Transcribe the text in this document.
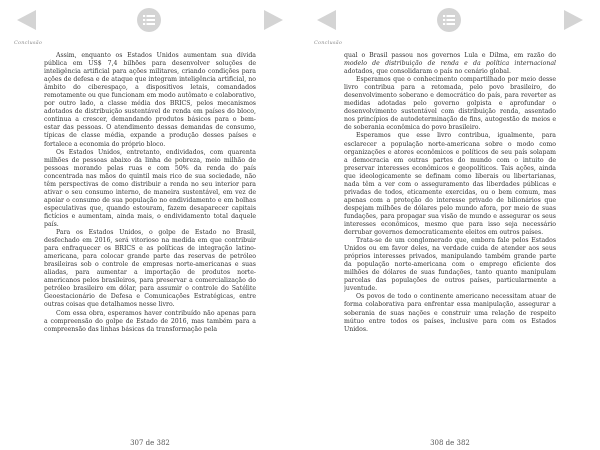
Conclusão

Assim, enquanto os Estados Unidos aumentam sua dívida pública em US$ 7,4 bilhões para desenvolver soluções de inteligência artificial para ações militares, criando condições para ações de defesa e de ataque que integram inteligência artificial, no âmbito do ciberespaço, a dispositivos letais, comandados remotamente ou que funcionam em modo autômato e colaborativo, por outro lado, a classe média dos BRICS, pelos mecanismos adotados de distribuição sustentável de renda em países do bloco, continua a crescer, demandando produtos básicos para o bem-estar das pessoas. O atendimento dessas demandas de consumo, típicas de classe média, expande a produção desses países e fortalece a economia do próprio bloco.

Os Estados Unidos, entretanto, endividados, com quarenta milhões de pessoas abaixo da linha de pobreza, meio milhão de pessoas morando pelas ruas e com 50% da renda do país concentrada nas mãos do quintil mais rico de sua sociedade, não têm perspectivas de como distribuir a renda no seu interior para ativar o seu consumo interno, de maneira sustentável, em vez de apoiar o consumo de sua população no endividamento e em bolhas especulativas que, quando estouram, fazem desaparecer capitais fictícios e aumentam, ainda mais, o endividamento total daquele país.

Para os Estados Unidos, o golpe de Estado no Brasil, desfechado em 2016, será vitorioso na medida em que contribuir para enfraquecer os BRICS e as políticas de integração latino-americana, para colocar grande parte das reservas de petróleo brasileiras sob o controle de empresas norte-americanas e suas aliadas, para aumentar a importação de produtos norte-americanos pelos brasileiros, para preservar a comercialização do petróleo brasileiro em dólar, para assumir o controle do Satélite Geoestacionário de Defesa e Comunicações Estratégicas, entre outras coisas que detalhamos nesse livro.

Com essa obra, esperamos haver contribuído não apenas para a compreensão do golpe de Estado de 2016, mas também para a compreensão das linhas básicas da transformação pela

307 de 382
Conclusão

qual o Brasil passou nos governos Lula e Dilma, em razão do modelo de distribuição de renda e da política internacional adotados, que consolidaram o país no cenário global.

Esperamos que o conhecimento compartilhado por meio desse livro contribua para a retomada, pelo povo brasileiro, do desenvolvimento soberano e democrático do país, para reverter as medidas adotadas pelo governo golpista e aprofundar o desenvolvimento sustentável com distribuição renda, assentado nos princípios de autodeterminação de fins, autogestão de meios e de soberania econômica do povo brasileiro.

Esperamos que esse livro contribua, igualmente, para esclarecer a população norte-americana sobre o modo como organizações e atores econômicos e políticos de seu país solapam a democracia em outras partes do mundo com o intuito de preservar interesses econômicos e geopolíticos. Tais ações, ainda que ideologicamente se definam como liberais ou libertarianas, nada têm a ver com o asseguramento das liberdades públicas e privadas de todos, eticamente exercidas, ou o bem comum, mas apenas com a proteção do interesse privado de bilionários que despejam milhões de dólares pelo mundo afora, por meio de suas fundações, para propagar sua visão de mundo e assegurar os seus interesses econômicos, mesmo que para isso seja necessário derrubar governos democraticamente eleitos em outros países.

Trata-se de um conglomerado que, embora fale pelos Estados Unidos ou em favor deles, na verdade cuida de atender aos seus próprios interesses privados, manipulando também grande parte da população norte-americana com o emprego eficiente dos milhões de dólares de suas fundações, tanto quanto manipulam parcelas das populações de outros países, particularmente a juventude.

Os povos de todo o continente americano necessitam atuar de forma colaborativa para enfrentar essa manipulação, assegurar a soberania de suas nações e construir uma relação de respeito mútuo entre todos os países, inclusive para com os Estados Unidos.

308 de 382
